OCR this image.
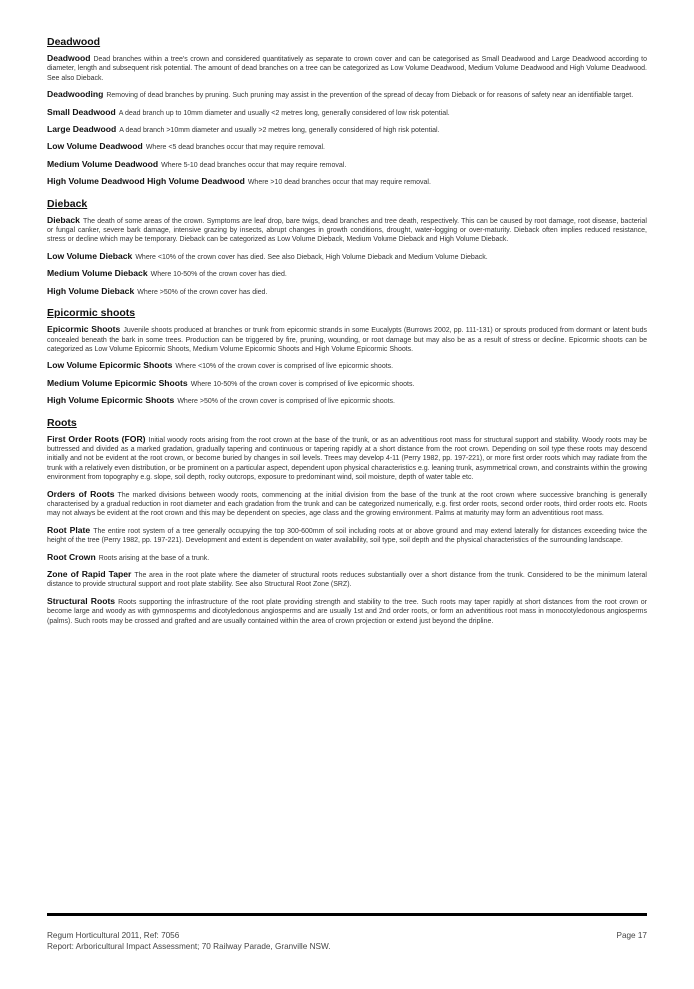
Deadwood

Deadwood Dead branches within a tree's crown and considered quantitatively as separate to crown cover and can be categorised as Small Deadwood and Large Deadwood according to diameter, length and subsequent risk potential. The amount of dead branches on a tree can be categorized as Low Volume Deadwood, Medium Volume Deadwood and High Volume Deadwood. See also Dieback.

Deadwooding Removing of dead branches by pruning. Such pruning may assist in the prevention of the spread of decay from Dieback or for reasons of safety near an identifiable target.

Small Deadwood A dead branch up to 10mm diameter and usually <2 metres long, generally considered of low risk potential.

Large Deadwood A dead branch >10mm diameter and usually >2 metres long, generally considered of high risk potential.

Low Volume Deadwood Where <5 dead branches occur that may require removal.

Medium Volume Deadwood Where 5-10 dead branches occur that may require removal.

High Volume Deadwood High Volume Deadwood Where >10 dead branches occur that may require removal.

Dieback

Dieback The death of some areas of the crown. Symptoms are leaf drop, bare twigs, dead branches and tree death, respectively. This can be caused by root damage, root disease, bacterial or fungal canker, severe bark damage, intensive grazing by insects, abrupt changes in growth conditions, drought, water-logging or over-maturity. Dieback often implies reduced resistance, stress or decline which may be temporary. Dieback can be categorized as Low Volume Dieback, Medium Volume Dieback and High Volume Dieback.

Low Volume Dieback Where <10% of the crown cover has died. See also Dieback, High Volume Dieback and Medium Volume Dieback.

Medium Volume Dieback Where 10-50% of the crown cover has died.

High Volume Dieback Where >50% of the crown cover has died.

Epicormic shoots

Epicormic Shoots Juvenile shoots produced at branches or trunk from epicormic strands in some Eucalypts (Burrows 2002, pp. 111-131) or sprouts produced from dormant or latent buds concealed beneath the bark in some trees. Production can be triggered by fire, pruning, wounding, or root damage but may also be as a result of stress or decline. Epicormic shoots can be categorized as Low Volume Epicormic Shoots, Medium Volume Epicormic Shoots and High Volume Epicormic Shoots.

Low Volume Epicormic Shoots Where <10% of the crown cover is comprised of live epicormic shoots.

Medium Volume Epicormic Shoots Where 10-50% of the crown cover is comprised of live epicormic shoots.

High Volume Epicormic Shoots Where >50% of the crown cover is comprised of live epicormic shoots.

Roots

First Order Roots (FOR) Initial woody roots arising from the root crown at the base of the trunk, or as an adventitious root mass for structural support and stability. Woody roots may be buttressed and divided as a marked gradation, gradually tapering and continuous or tapering rapidly at a short distance from the root crown. Depending on soil type these roots may descend initially and not be evident at the root crown, or become buried by changes in soil levels. Trees may develop 4-11 (Perry 1982, pp. 197-221), or more first order roots which may radiate from the trunk with a relatively even distribution, or be prominent on a particular aspect, dependent upon physical characteristics e.g. leaning trunk, asymmetrical crown, and constraints within the growing environment from topography e.g. slope, soil depth, rocky outcrops, exposure to predominant wind, soil moisture, depth of water table etc.

Orders of Roots The marked divisions between woody roots, commencing at the initial division from the base of the trunk at the root crown where successive branching is generally characterised by a gradual reduction in root diameter and each gradation from the trunk and can be categorized numerically, e.g. first order roots, second order roots, third order roots etc. Roots may not always be evident at the root crown and this may be dependent on species, age class and the growing environment. Palms at maturity may form an adventitious root mass.

Root Plate The entire root system of a tree generally occupying the top 300-600mm of soil including roots at or above ground and may extend laterally for distances exceeding twice the height of the tree (Perry 1982, pp. 197-221). Development and extent is dependent on water availability, soil type, soil depth and the physical characteristics of the surrounding landscape.

Root Crown Roots arising at the base of a trunk.

Zone of Rapid Taper The area in the root plate where the diameter of structural roots reduces substantially over a short distance from the trunk. Considered to be the minimum lateral distance to provide structural support and root plate stability. See also Structural Root Zone (SRZ).

Structural Roots Roots supporting the infrastructure of the root plate providing strength and stability to the tree. Such roots may taper rapidly at short distances from the root crown or become large and woody as with gymnosperms and dicotyledonous angiosperms and are usually 1st and 2nd order roots, or form an adventitious root mass in monocotyledonous angiosperms (palms). Such roots may be crossed and grafted and are usually contained within the area of crown projection or extend just beyond the dripline.

Regum Horticultural 2011, Ref: 7056
Report: Arboricultural Impact Assessment; 70 Railway Parade, Granville NSW.
Page 17
